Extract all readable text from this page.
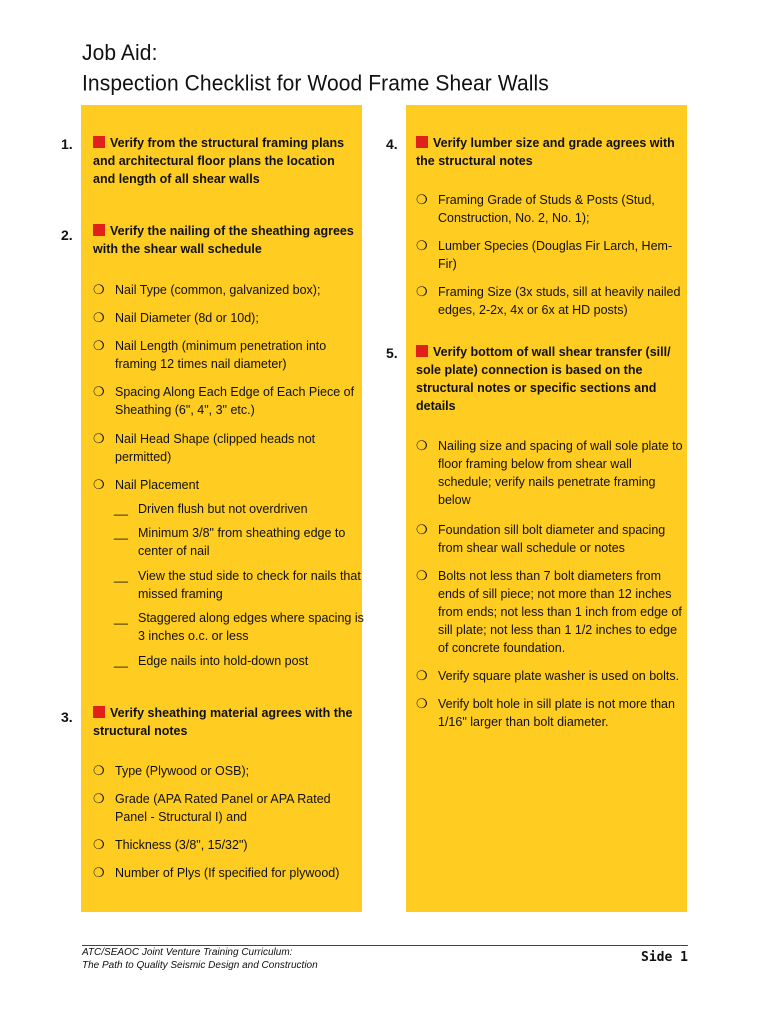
Job Aid:
Inspection Checklist for Wood Frame Shear Walls
1.	Verify from the structural framing plans and architectural floor plans the location and length of all shear walls
2.	Verify the nailing of the sheathing agrees with the shear wall schedule
❍ Nail Type (common, galvanized box);
❍ Nail Diameter (8d or 10d);
❍ Nail Length (minimum penetration into framing 12 times nail diameter)
❍ Spacing Along Each Edge of Each Piece of Sheathing (6", 4", 3" etc.)
❍ Nail Head Shape (clipped heads not permitted)
❍ Nail Placement
__ Driven flush but not overdriven
__ Minimum 3/8" from sheathing edge to center of nail
__ View the stud side to check for nails that missed framing
__ Staggered along edges where spacing is 3 inches o.c. or less
__ Edge nails into hold-down post
3.	Verify sheathing material agrees with the structural notes
❍ Type (Plywood or OSB);
❍ Grade (APA Rated Panel or APA Rated Panel - Structural I) and
❍ Thickness (3/8", 15/32")
❍ Number of Plys (If specified for plywood)
4.	Verify lumber size and grade agrees with the structural notes
❍ Framing Grade of Studs & Posts (Stud, Construction, No. 2, No. 1);
❍ Lumber Species (Douglas Fir Larch, Hem-Fir)
❍ Framing Size (3x studs, sill at heavily nailed edges, 2-2x, 4x or 6x at HD posts)
5.	Verify bottom of wall shear transfer (sill/ sole plate) connection is based on the structural notes or specific sections and details
❍ Nailing size and spacing of wall sole plate to floor framing below from shear wall schedule; verify nails penetrate framing below
❍ Foundation sill bolt diameter and spacing from shear wall schedule or notes
❍ Bolts not less than 7 bolt diameters from ends of sill piece; not more than 12 inches from ends; not less than 1 inch from edge of sill plate; not less than 1 1/2 inches to edge of concrete foundation.
❍ Verify square plate washer is used on bolts.
❍ Verify bolt hole in sill plate is not more than 1/16" larger than bolt diameter.
ATC/SEAOC Joint Venture Training Curriculum:
The Path to Quality Seismic Design and Construction
Side 1
